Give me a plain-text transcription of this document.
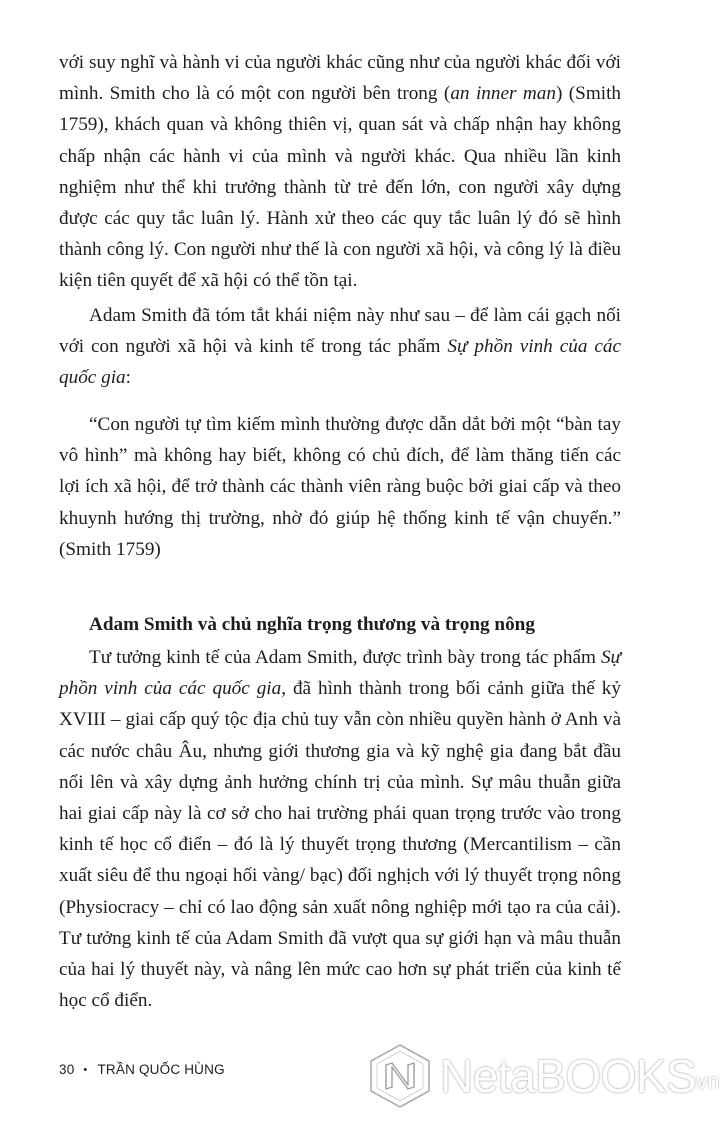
với suy nghĩ và hành vi của người khác cũng như của người khác đối với mình. Smith cho là có một con người bên trong (an inner man) (Smith 1759), khách quan và không thiên vị, quan sát và chấp nhận hay không chấp nhận các hành vi của mình và người khác. Qua nhiều lần kinh nghiệm như thể khi trưởng thành từ trẻ đến lớn, con người xây dựng được các quy tắc luân lý. Hành xử theo các quy tắc luân lý đó sẽ hình thành công lý. Con người như thế là con người xã hội, và công lý là điều kiện tiên quyết để xã hội có thể tồn tại.

Adam Smith đã tóm tắt khái niệm này như sau – để làm cái gạch nối với con người xã hội và kinh tế trong tác phẩm Sự phồn vinh của các quốc gia:

“Con người tự tìm kiếm mình thường được dẫn dắt bởi một “bàn tay vô hình” mà không hay biết, không có chủ đích, để làm thăng tiến các lợi ích xã hội, để trở thành các thành viên ràng buộc bởi giai cấp và theo khuynh hướng thị trường, nhờ đó giúp hệ thống kinh tế vận chuyển.” (Smith 1759)

Adam Smith và chủ nghĩa trọng thương và trọng nông

Tư tưởng kinh tế của Adam Smith, được trình bày trong tác phẩm Sự phồn vinh của các quốc gia, đã hình thành trong bối cảnh giữa thế kỷ XVIII – giai cấp quý tộc địa chủ tuy vẫn còn nhiều quyền hành ở Anh và các nước châu Âu, nhưng giới thương gia và kỹ nghệ gia đang bắt đầu nổi lên và xây dựng ảnh hưởng chính trị của mình. Sự mâu thuẫn giữa hai giai cấp này là cơ sở cho hai trường phái quan trọng trước vào trong kinh tế học cổ điển – đó là lý thuyết trọng thương (Mercantilism – cần xuất siêu để thu ngoại hối vàng/ bạc) đối nghịch với lý thuyết trọng nông (Physiocracy – chỉ có lao động sản xuất nông nghiệp mới tạo ra của cải). Tư tưởng kinh tế của Adam Smith đã vượt qua sự giới hạn và mâu thuẫn của hai lý thuyết này, và nâng lên mức cao hơn sự phát triển của kinh tế học cổ điển.

30 • TRẦN QUỐC HÙNG	NetaBOOKS vn
